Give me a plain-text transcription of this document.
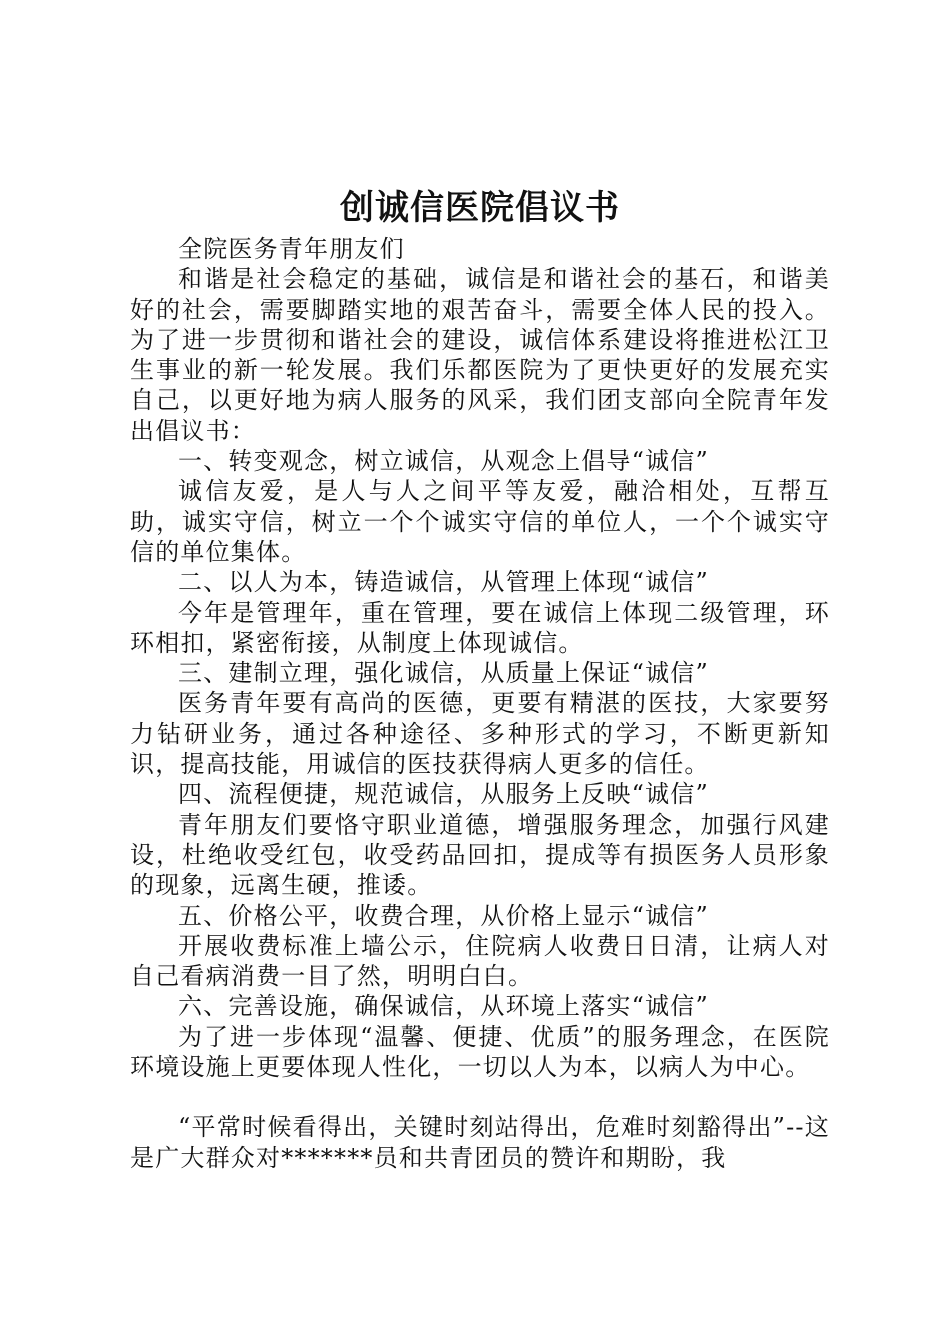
创诚信医院倡议书

全院医务青年朋友们

和谐是社会稳定的基础，诚信是和谐社会的基石，和谐美好的社会，需要脚踏实地的艰苦奋斗，需要全体人民的投入。为了进一步贯彻和谐社会的建设，诚信体系建设将推进松江卫生事业的新一轮发展。我们乐都医院为了更快更好的发展充实自己，以更好地为病人服务的风采，我们团支部向全院青年发出倡议书：

一、转变观念，树立诚信，从观念上倡导“诚信”

诚信友爱，是人与人之间平等友爱，融洽相处，互帮互助，诚实守信，树立一个个诚实守信的单位人，一个个诚实守信的单位集体。

二、以人为本，铸造诚信，从管理上体现“诚信”

今年是管理年，重在管理，要在诚信上体现二级管理，环环相扣，紧密衔接，从制度上体现诚信。

三、建制立理，强化诚信，从质量上保证“诚信”

医务青年要有高尚的医德，更要有精湛的医技，大家要努力钻研业务，通过各种途径、多种形式的学习，不断更新知识，提高技能，用诚信的医技获得病人更多的信任。

四、流程便捷，规范诚信，从服务上反映“诚信”

青年朋友们要恪守职业道德，增强服务理念，加强行风建设，杜绝收受红包，收受药品回扣，提成等有损医务人员形象的现象，远离生硬，推诿。

五、价格公平，收费合理，从价格上显示“诚信”

开展收费标准上墙公示，住院病人收费日日清，让病人对自己看病消费一目了然，明明白白。

六、完善设施，确保诚信，从环境上落实“诚信”

为了进一步体现“温馨、便捷、优质”的服务理念，在医院环境设施上更要体现人性化，一切以人为本，以病人为中心。

“平常时候看得出，关键时刻站得出，危难时刻豁得出”--这是广大群众对*******员和共青团员的赞许和期盼，我
